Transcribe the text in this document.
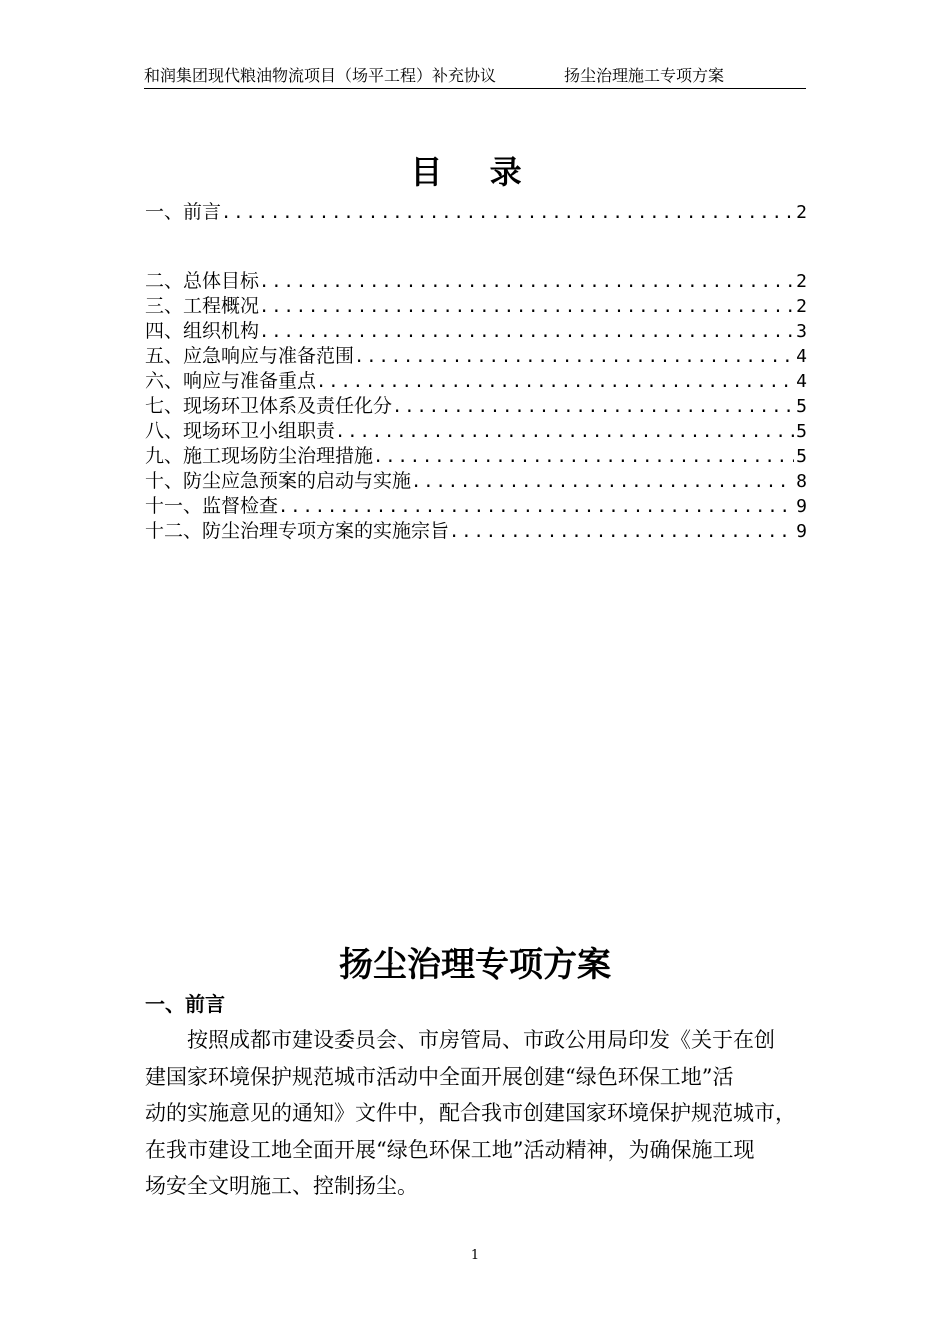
和润集团现代粮油物流项目（场平工程）补充协议	扬尘治理施工专项方案
目 录
一、前言 .....	2
二、总体目标 .....	2
三、工程概况 .....	2
四、组织机构 .....	3
五、应急响应与准备范围 .....	4
六、响应与准备重点 .....	4
七、现场环卫体系及责任化分 .....	5
八、现场环卫小组职责 .....	5
九、施工现场防尘治理措施 .....	5
十、防尘应急预案的启动与实施 .....	8
十一、监督检查 .....	9
十二、防尘治理专项方案的实施宗旨 .....	9
扬尘治理专项方案
一、前言
　　按照成都市建设委员会、市房管局、市政公用局印发《关于在创
建国家环境保护规范城市活动中全面开展创建“绿色环保工地”活
动的实施意见的通知》文件中，配合我市创建国家环境保护规范城市，
在我市建设工地全面开展“绿色环保工地”活动精神，为确保施工现
场安全文明施工、控制扬尘。
1
